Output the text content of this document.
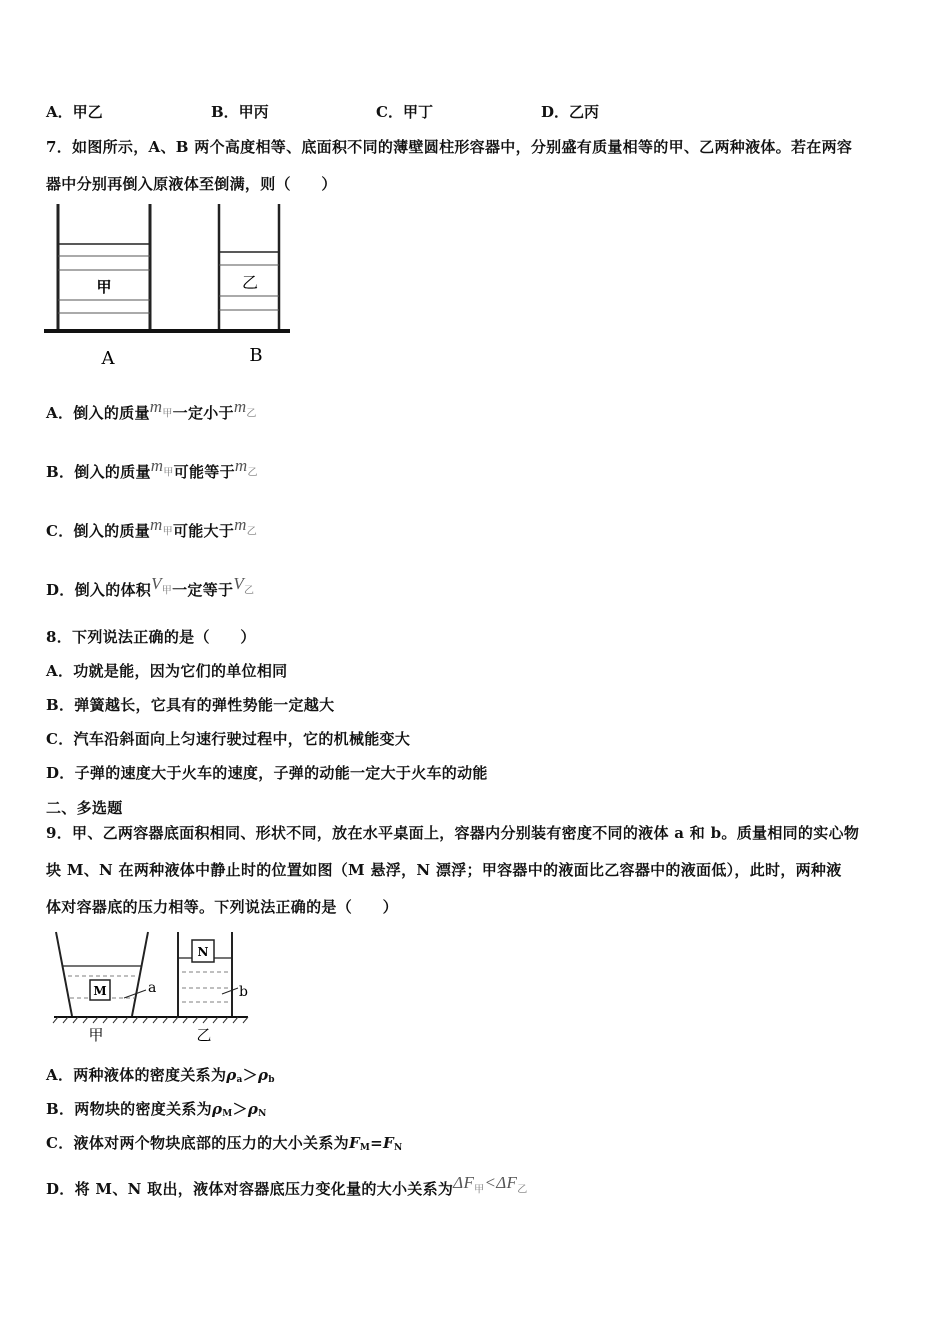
A．甲乙	B．甲丙	C．甲丁	D．乙丙
7．如图所示，A、B 两个高度相等、底面积不同的薄壁圆柱形容器中，分别盛有质量相等的甲、乙两种液体。若在两容
器中分别再倒入原液体至倒满，则（　　）
甲	乙
A	B
A．倒入的质量$m_甲$一定小于$m_乙$
B．倒入的质量$m_甲$可能等于$m_乙$
C．倒入的质量$m_甲$可能大于$m_乙$
D．倒入的体积$V_甲$一定等于$V_乙$
8．下列说法正确的是（　　）
A．功就是能，因为它们的单位相同
B．弹簧越长，它具有的弹性势能一定越大
C．汽车沿斜面向上匀速行驶过程中，它的机械能变大
D．子弹的速度大于火车的速度，子弹的动能一定大于火车的动能
二、多选题
9．甲、乙两容器底面积相同、形状不同，放在水平桌面上，容器内分别装有密度不同的液体 a 和 b。质量相同的实心物
块 M、N 在两种液体中静止时的位置如图（M 悬浮，N 漂浮；甲容器中的液面比乙容器中的液面低），此时，两种液
体对容器底的压力相等。下列说法正确的是（　　）
M	a
N
b
甲	乙
A．两种液体的密度关系为$\rho_a>\rho_b$
B．两物块的密度关系为$\rho_M>\rho_N$
C．液体对两个物块底部的压力的大小关系为$F_M=F_N$
D．将 M、N 取出，液体对容器底压力变化量的大小关系为$\Delta F_甲<\Delta F_乙$
